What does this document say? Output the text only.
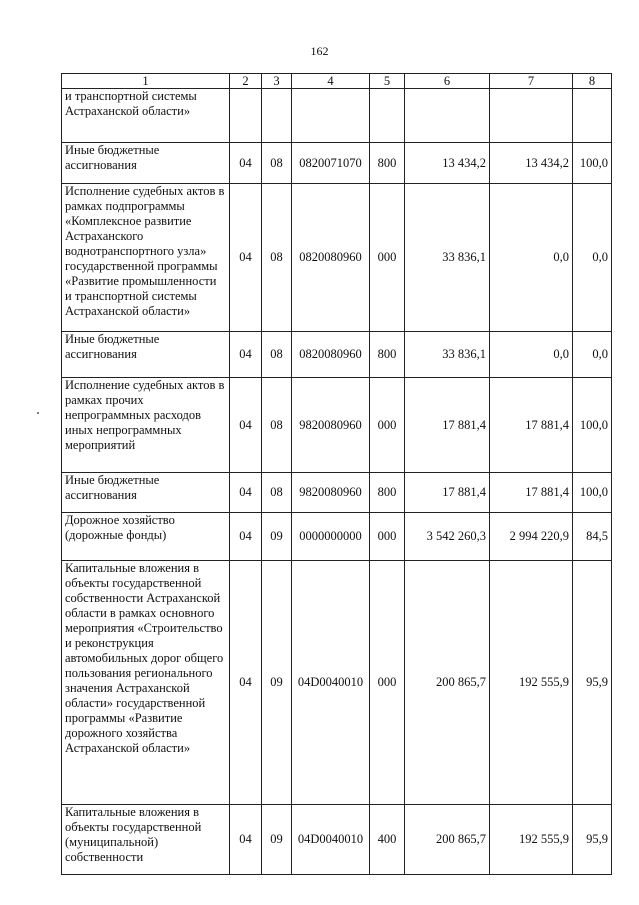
162
1	2	3	4	5	6	7	8
и транспортной системы Астраханской области»							
Иные бюджетные ассигнования	04	08	0820071070	800	13 434,2	13 434,2	100,0
Исполнение судебных актов в рамках подпрограммы «Комплексное развитие Астраханского воднотранспортного узла» государственной программы «Развитие промышленности и транспортной системы Астраханской области»	04	08	0820080960	000	33 836,1	0,0	0,0
Иные бюджетные ассигнования	04	08	0820080960	800	33 836,1	0,0	0,0
Исполнение судебных актов в рамках прочих непрограммных расходов иных непрограммных мероприятий	04	08	9820080960	000	17 881,4	17 881,4	100,0
Иные бюджетные ассигнования	04	08	9820080960	800	17 881,4	17 881,4	100,0
Дорожное хозяйство (дорожные фонды)	04	09	0000000000	000	3 542 260,3	2 994 220,9	84,5
Капитальные вложения в объекты государственной собственности Астраханской области в рамках основного мероприятия «Строительство и реконструкция автомобильных дорог общего пользования регионального значения Астраханской области» государственной программы «Развитие дорожного хозяйства Астраханской области»	04	09	04D0040010	000	200 865,7	192 555,9	95,9
Капитальные вложения в объекты государственной (муниципальной) собственности	04	09	04D0040010	400	200 865,7	192 555,9	95,9
